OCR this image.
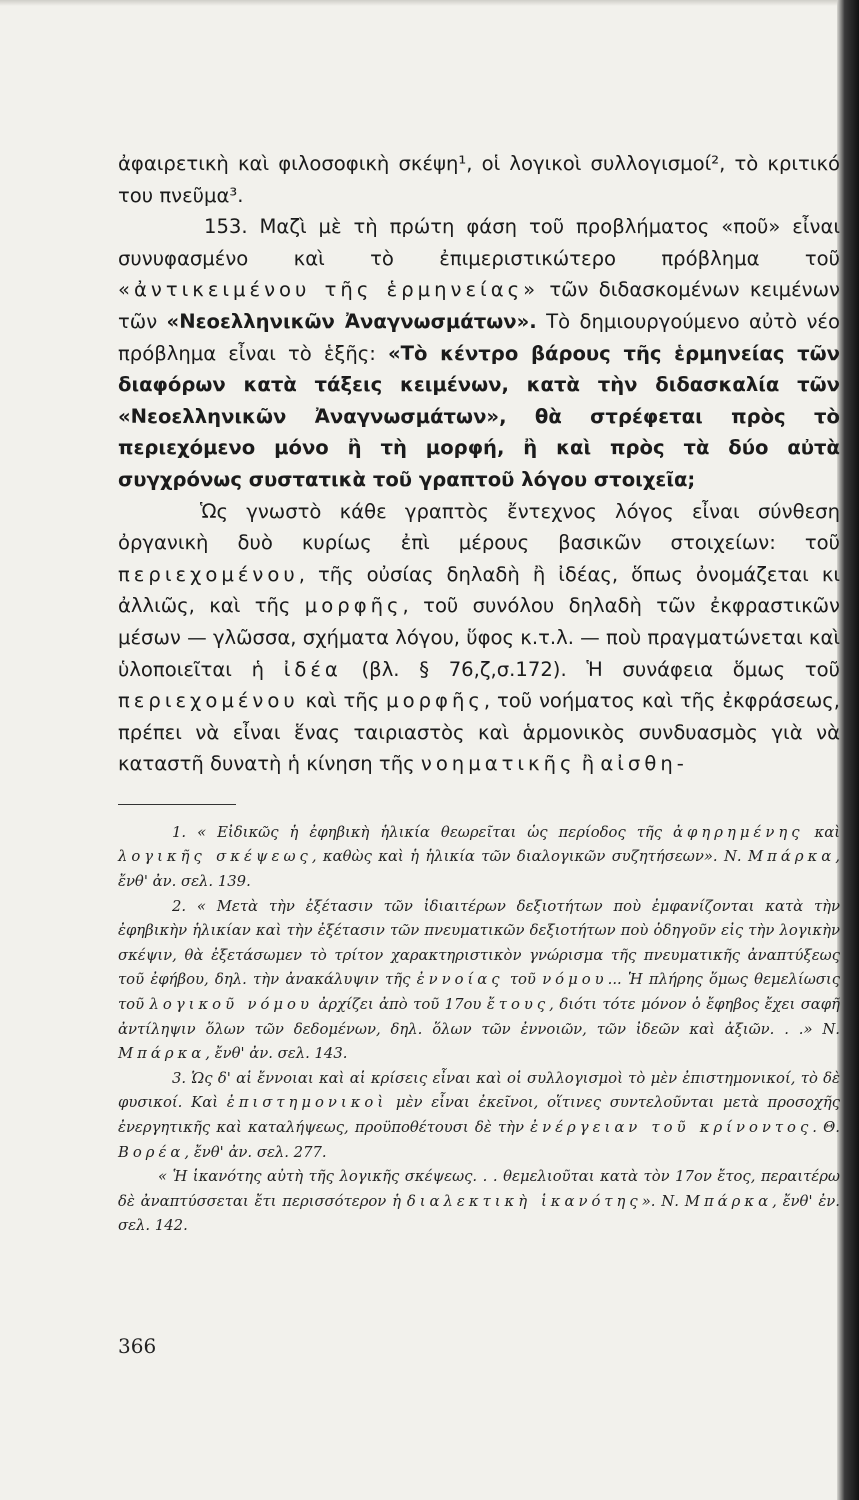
ἀφαιρετικὴ καὶ φιλοσοφικὴ σκέψη¹, οἱ λογικοὶ συλλογισμοί², τὸ κριτικό του πνεῦμα³.

153. Μαζὶ μὲ τὴ πρώτη φάση τοῦ προβλήματος «ποῦ» εἶναι συνυφασμένο καὶ τὸ ἐπιμεριστικώτερο πρόβλημα τοῦ «ἀντικειμένου τῆς ἑρμηνείας» τῶν διδασκομένων κειμένων τῶν «Νεοελληνικῶν Ἀναγνωσμάτων». Τὸ δημιουργούμενο αὐτὸ νέο πρόβλημα εἶναι τὸ ἑξῆς: «Τὸ κέντρο βάρους τῆς ἑρμηνείας τῶν διαφόρων κατὰ τάξεις κειμένων, κατὰ τὴν διδασκαλία τῶν «Νεοελληνικῶν Ἀναγνωσμάτων», θὰ στρέφεται πρὸς τὸ περιεχόμενο μόνο ἢ τὴ μορφή, ἢ καὶ πρὸς τὰ δύο αὐτὰ συγχρόνως συστατικὰ τοῦ γραπτοῦ λόγου στοιχεῖα;

Ὡς γνωστὸ κάθε γραπτὸς ἔντεχνος λόγος εἶναι σύνθεση ὀργανικὴ δυὸ κυρίως ἐπὶ μέρους βασικῶν στοιχείων: τοῦ περιεχομένου, τῆς οὐσίας δηλαδὴ ἢ ἰδέας, ὅπως ὀνομάζεται κι ἀλλιῶς, καὶ τῆς μορφῆς, τοῦ συνόλου δηλαδὴ τῶν ἐκφραστικῶν μέσων — γλῶσσα, σχήματα λόγου, ὕφος κ.τ.λ. — ποὺ πραγματώνεται καὶ ὑλοποιεῖται ἡ ἰδέα (βλ. § 76,ζ,σ.172). Ἡ συνάφεια ὅμως τοῦ περιεχομένου καὶ τῆς μορφῆς, τοῦ νοήματος καὶ τῆς ἐκφράσεως, πρέπει νὰ εἶναι ἕνας ταιριαστὸς καὶ ἁρμονικὸς συνδυασμὸς γιὰ νὰ καταστῆ δυνατὴ ἡ κίνηση τῆς νοηματικῆς ἢ αἰσθη-

1. « Εἰδικῶς ἡ ἐφηβικὴ ἡλικία θεωρεῖται ὡς περίοδος τῆς ἀφηρημένης καὶ λογικῆς σκέψεως, καθὼς καὶ ἡ ἡλικία τῶν διαλογικῶν συζητήσεων». Ν. Μπάρκα, ἔνθ' ἀν. σελ. 139.

2. « Μετὰ τὴν ἐξέτασιν τῶν ἰδιαιτέρων δεξιοτήτων ποὺ ἐμφανίζονται κατὰ τὴν ἐφηβικὴν ἡλικίαν καὶ τὴν ἐξέτασιν τῶν πνευματικῶν δεξιοτήτων ποὺ ὁδηγοῦν εἰς τὴν λογικὴν σκέψιν, θὰ ἐξετάσωμεν τὸ τρίτον χαρακτηριστικὸν γνώρισμα τῆς πνευματικῆς ἀναπτύξεως τοῦ ἐφήβου, δηλ. τὴν ἀνακάλυψιν τῆς ἐννοίας τοῦ νόμου... Ἡ πλήρης ὅμως θεμελίωσις τοῦ λογικοῦ νόμου ἀρχίζει ἀπὸ τοῦ 17ου ἔτους, διότι τότε μόνον ὁ ἔφηβος ἔχει σαφῆ ἀντίληψιν ὅλων τῶν δεδομένων, δηλ. ὅλων τῶν ἐννοιῶν, τῶν ἰδεῶν καὶ ἀξιῶν. . .» Ν. Μπάρκα, ἔνθ' ἀν. σελ. 143.

3. Ὡς δ' αἱ ἔννοιαι καὶ αἱ κρίσεις εἶναι καὶ οἱ συλλογισμοὶ τὸ μὲν ἐπιστημονικοί, τὸ δὲ φυσικοί. Καὶ ἐπιστημονικοὶ μὲν εἶναι ἐκεῖνοι, οἵτινες συντελοῦνται μετὰ προσοχῆς ἐνεργητικῆς καὶ καταλήψεως, προϋποθέτουσι δὲ τὴν ἐνέργειαν τοῦ κρίνοντος. Θ. Βορέα, ἔνθ' ἀν. σελ. 277.

« Ἡ ἱκανότης αὐτὴ τῆς λογικῆς σκέψεως. . . θεμελιοῦται κατὰ τὸν 17ον ἔτος, περαιτέρω δὲ ἀναπτύσσεται ἔτι περισσότερον ἡ διαλεκτικὴ ἱκανότης». Ν. Μπάρκα, ἔνθ' ἐν. σελ. 142.

366
